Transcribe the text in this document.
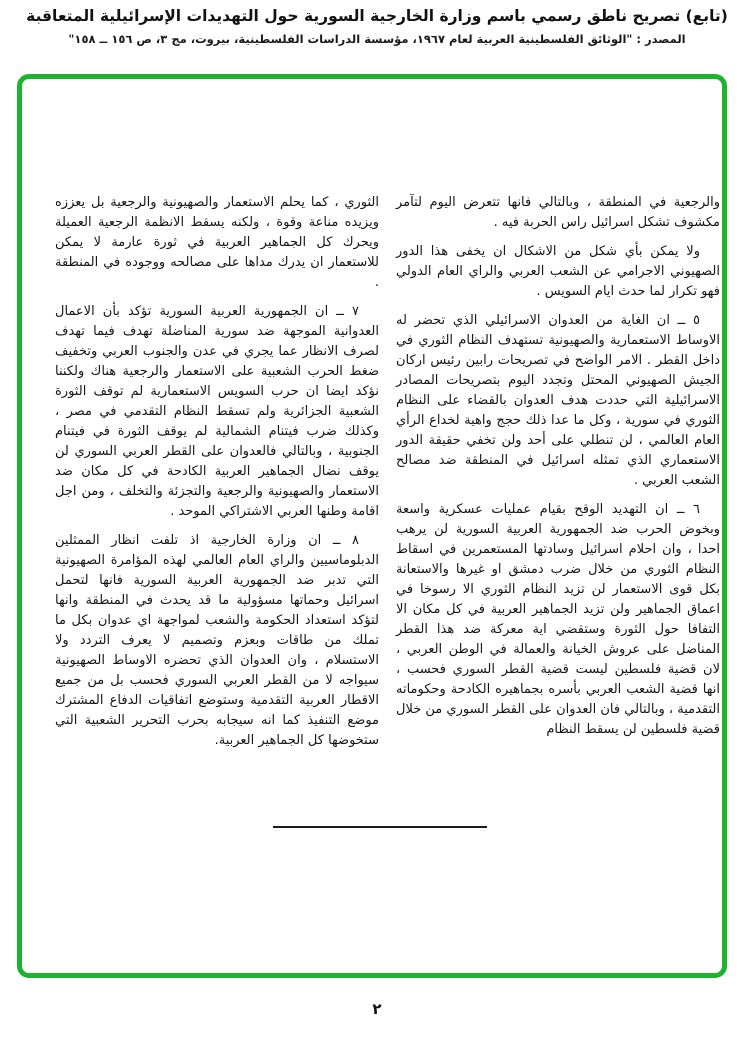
(تابع) تصريح ناطق رسمي باسم وزارة الخارجية السورية حول التهديدات الإسرائيلية المتعاقبة
المصدر : "الوثائق الفلسطينية العربية لعام ١٩٦٧، مؤسسة الدراسات الفلسطينية، بيروت، مج ٣، ص ١٥٦ ــ ١٥٨"

والرجعية في المنطقة ، وبالتالي فانها تتعرض اليوم لتآمر مكشوف تشكل اسرائيل راس الحربة فيه .

ولا يمكن بأي شكل من الاشكال ان يخفى هذا الدور الصهيوني الاجرامي عن الشعب العربي والراي العام الدولي فهو تكرار لما حدث ايام السويس .

٥ ــ ان الغاية من العدوان الاسرائيلي الذي تحضر له الاوساط الاستعمارية والصهيونية تستهدف النظام الثوري في داخل القطر . الامر الواضح في تصريحات رابين رئيس اركان الجيش الصهيوني المحتل وتجدد اليوم بتصريحات المصادر الاسرائيلية التي حددت هدف العدوان بالقضاء على النظام الثوري في سورية ، وكل ما عدا ذلك حجج واهية لخداع الرأي العام العالمي ، لن تنطلي على أحد ولن تخفي حقيقة الدور الاستعماري الذي تمثله اسرائيل في المنطقة ضد مصالح الشعب العربي .

٦ ــ ان التهديد الوقح بقيام عمليات عسكرية واسعة وبخوض الحرب ضد الجمهورية العربية السورية لن يرهب احدا ، وان احلام اسرائيل وسادتها المستعمرين في اسقاط النظام الثوري من خلال ضرب دمشق او غيرها والاستعانة بكل قوى الاستعمار لن تزيد النظام الثوري الا رسوخا في اعماق الجماهير ولن تزيد الجماهير العربية في كل مكان الا التفافا حول الثورة وستقضي اية معركة ضد هذا القطر المناضل على عروش الخيانة والعمالة في الوطن العربي ، لان قضية فلسطين ليست قضية القطر السوري فحسب ، انها قضية الشعب العربي بأسره بجماهيره الكادحة وحكوماته التقدمية ، وبالتالي فان العدوان على القطر السوري من خلال قضية فلسطين لن يسقط النظام

الثوري ، كما يحلم الاستعمار والصهيونية والرجعية بل يعززه ويزيده مناعة وقوة ، ولكنه يسقط الانظمة الرجعية العميلة ويحرك كل الجماهير العربية في ثورة عارمة لا يمكن للاستعمار ان يدرك مداها على مصالحه ووجوده في المنطقة .

٧ ــ ان الجمهورية العربية السورية تؤكد بأن الاعمال العدوانية الموجهة ضد سورية المناضلة تهدف فيما تهدف لصرف الانظار عما يجري في عدن والجنوب العربي وتخفيف ضغط الحرب الشعبية على الاستعمار والرجعية هناك ولكننا نؤكد ايضا ان حرب السويس الاستعمارية لم توقف الثورة الشعبية الجزائرية ولم تسقط النظام التقدمي في مصر ، وكذلك ضرب فيتنام الشمالية لم يوقف الثورة في فيتنام الجنوبية ، وبالتالي فالعدوان على القطر العربي السوري لن يوقف نضال الجماهير العربية الكادحة في كل مكان ضد الاستعمار والصهيونية والرجعية والتجزئة والتخلف ، ومن اجل اقامة وطنها العربي الاشتراكي الموحد .

٨ ــ ان وزارة الخارجية اذ تلفت انظار الممثلين الدبلوماسيين والراي العام العالمي لهذه المؤامرة الصهيونية التي تدبر ضد الجمهورية العربية السورية فانها لتحمل اسرائيل وحماتها مسؤولية ما قد يحدث في المنطقة وانها لتؤكد استعداد الحكومة والشعب لمواجهة اي عدوان بكل ما تملك من طاقات وبعزم وتصميم لا يعرف التردد ولا الاستسلام ، وان العدوان الذي تحضره الاوساط الصهيونية سيواجه لا من القطر العربي السوري فحسب بل من جميع الاقطار العربية التقدمية وستوضع اتفاقيات الدفاع المشترك موضع التنفيذ كما انه سيجابه بحرب التحرير الشعبية التي ستخوضها كل الجماهير العربية.

٢
